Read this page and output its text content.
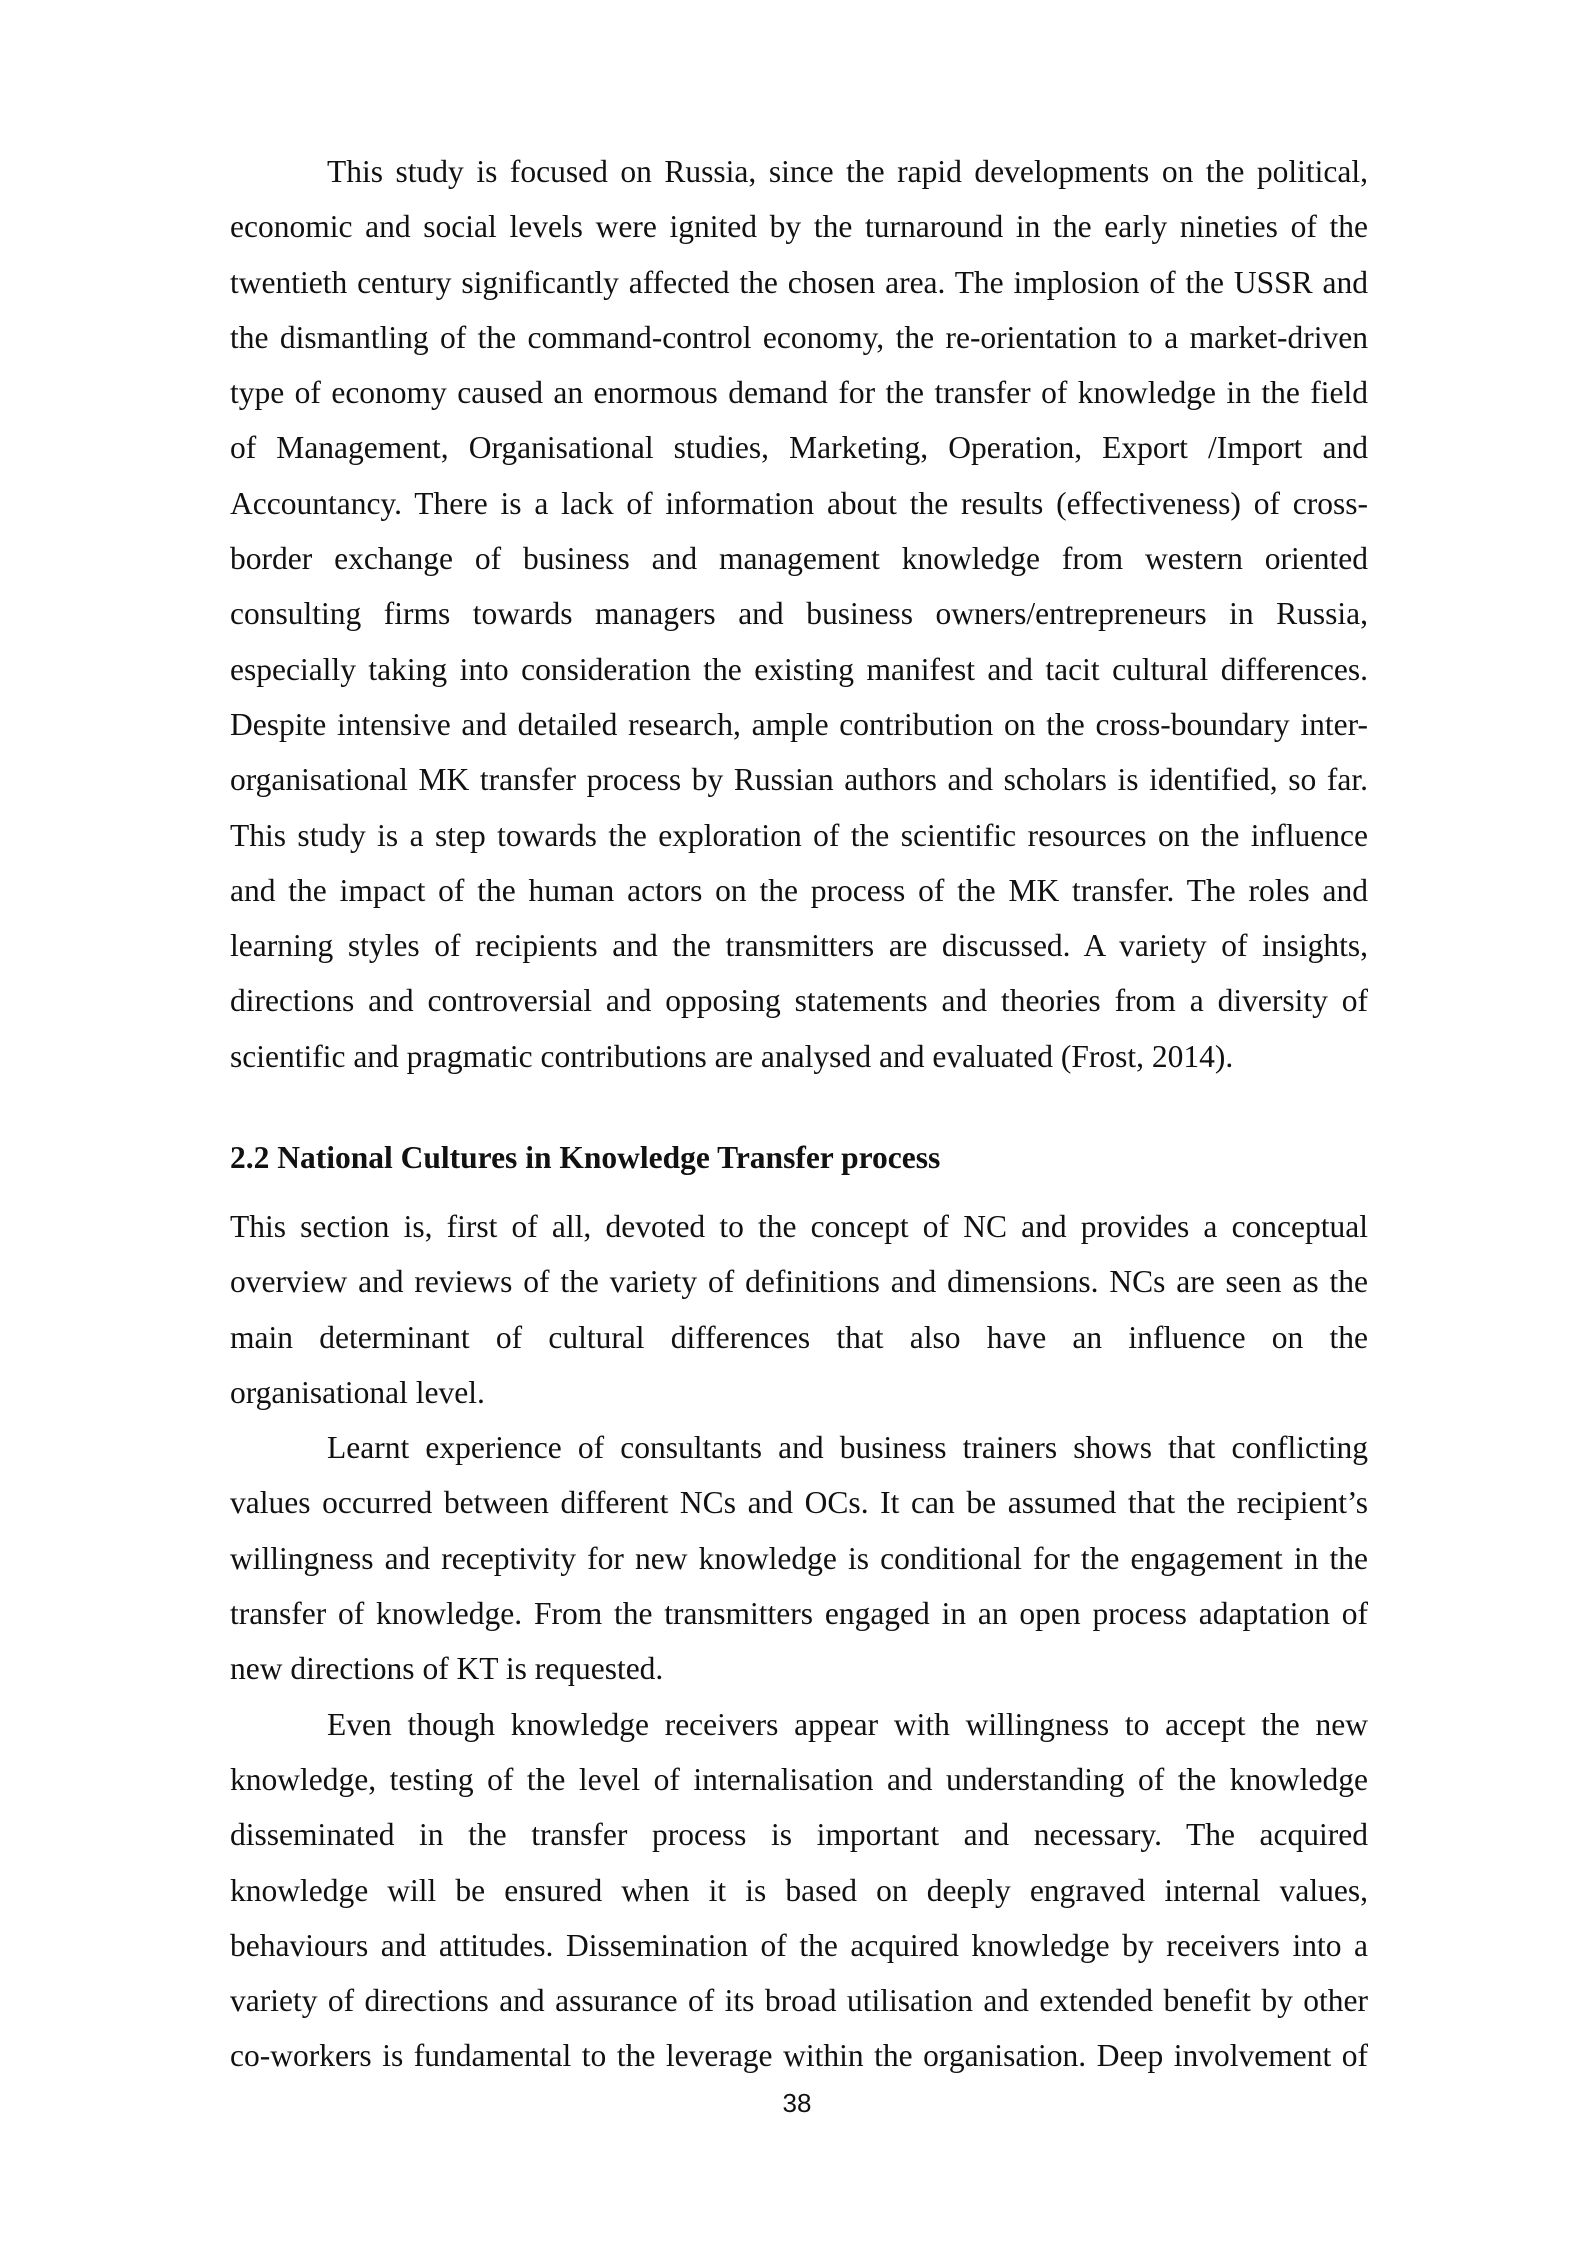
This study is focused on Russia, since the rapid developments on the political,
economic and social levels were ignited by the turnaround in the early nineties of the
twentieth century significantly affected the chosen area. The implosion of the USSR and
the dismantling of the command-control economy, the re-orientation to a market-driven
type of economy caused an enormous demand for the transfer of knowledge in the field
of Management, Organisational studies, Marketing, Operation, Export /Import and
Accountancy. There is a lack of information about the results (effectiveness) of cross-
border exchange of business and management knowledge from western oriented
consulting firms towards managers and business owners/entrepreneurs in Russia,
especially taking into consideration the existing manifest and tacit cultural differences.
Despite intensive and detailed research, ample contribution on the cross-boundary inter-
organisational MK transfer process by Russian authors and scholars is identified, so far.
This study is a step towards the exploration of the scientific resources on the influence
and the impact of the human actors on the process of the MK transfer. The roles and
learning styles of recipients and the transmitters are discussed. A variety of insights,
directions and controversial and opposing statements and theories from a diversity of
scientific and pragmatic contributions are analysed and evaluated (Frost, 2014).
2.2 National Cultures in Knowledge Transfer process
This section is, first of all, devoted to the concept of NC and provides a conceptual
overview and reviews of the variety of definitions and dimensions. NCs are seen as the
main determinant of cultural differences that also have an influence on the
organisational level.
Learnt experience of consultants and business trainers shows that conflicting
values occurred between different NCs and OCs. It can be assumed that the recipient’s
willingness and receptivity for new knowledge is conditional for the engagement in the
transfer of knowledge. From the transmitters engaged in an open process adaptation of
new directions of KT is requested.
Even though knowledge receivers appear with willingness to accept the new
knowledge, testing of the level of internalisation and understanding of the knowledge
disseminated in the transfer process is important and necessary. The acquired
knowledge will be ensured when it is based on deeply engraved internal values,
behaviours and attitudes. Dissemination of the acquired knowledge by receivers into a
variety of directions and assurance of its broad utilisation and extended benefit by other
co-workers is fundamental to the leverage within the organisation. Deep involvement of
38
